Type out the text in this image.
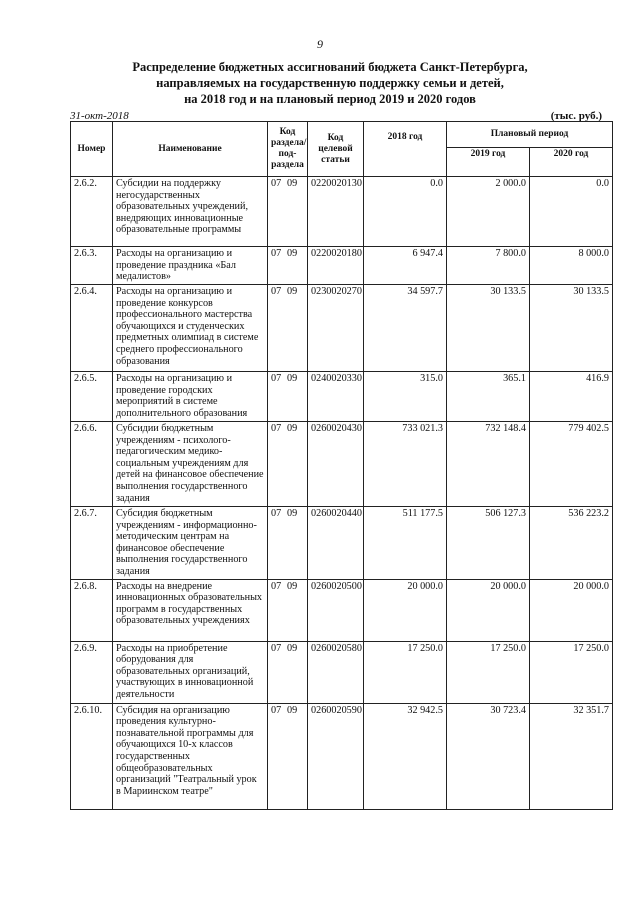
9
Распределение бюджетных ассигнований бюджета Санкт-Петербурга,
направляемых на государственную поддержку семьи и детей,
на 2018 год и на плановый период 2019 и 2020 годов
31-окт-2018	(тыс. руб.)
Номер	Наименование	Код раздела/ под- раздела	Код целевой статьи	2018 год	Плановый период	
					2019 год	2020 год
2.6.2.	Субсидии на поддержку негосударственных образовательных учреждений, внедряющих инновационные образовательные программы	07 09	0220020130	0.0	2 000.0	0.0
2.6.3.	Расходы на организацию и проведение праздника «Бал медалистов»	07 09	0220020180	6 947.4	7 800.0	8 000.0
2.6.4.	Расходы на организацию и проведение конкурсов профессионального мастерства обучающихся и студенческих предметных олимпиад в системе среднего профессионального образования	07 09	0230020270	34 597.7	30 133.5	30 133.5
2.6.5.	Расходы на организацию и проведение городских мероприятий в системе дополнительного образования	07 09	0240020330	315.0	365.1	416.9
2.6.6.	Субсидии бюджетным учреждениям - психолого-педагогическим медико-социальным учреждениям для детей на финансовое обеспечение выполнения государственного задания	07 09	0260020430	733 021.3	732 148.4	779 402.5
2.6.7.	Субсидия бюджетным учреждениям - информационно-методическим центрам на финансовое обеспечение выполнения государственного задания	07 09	0260020440	511 177.5	506 127.3	536 223.2
2.6.8.	Расходы на внедрение инновационных образовательных программ в государственных образовательных учреждениях	07 09	0260020500	20 000.0	20 000.0	20 000.0
2.6.9.	Расходы на приобретение оборудования для образовательных организаций, участвующих в инновационной деятельности	07 09	0260020580	17 250.0	17 250.0	17 250.0
2.6.10.	Субсидия на организацию проведения культурно-познавательной программы для обучающихся 10-х классов государственных общеобразовательных организаций "Театральный урок в Мариинском театре"	07 09	0260020590	32 942.5	30 723.4	32 351.7
